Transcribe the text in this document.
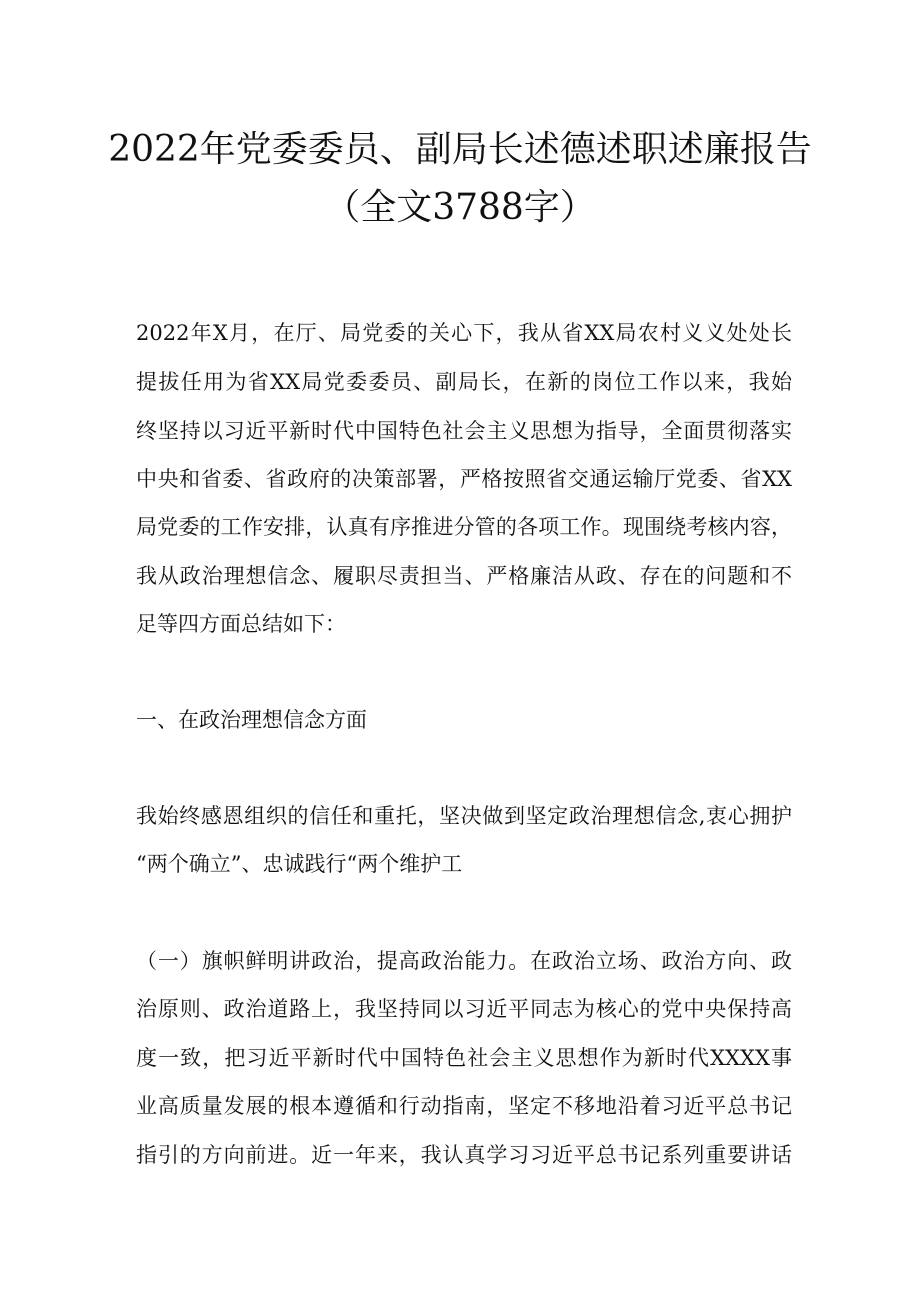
2022年党委委员、副局长述德述职述廉报告
（全文3788字）
2022年X月，在厅、局党委的关心下，我从省XX局农村义义处处长
提拔任用为省XX局党委委员、副局长，在新的岗位工作以来，我始
终坚持以习近平新时代中国特色社会主义思想为指导，全面贯彻落实
中央和省委、省政府的决策部署，严格按照省交通运输厅党委、省XX
局党委的工作安排，认真有序推进分管的各项工作。现围绕考核内容，
我从政治理想信念、履职尽责担当、严格廉洁从政、存在的问题和不
足等四方面总结如下：
一、在政治理想信念方面
我始终感恩组织的信任和重托，坚决做到坚定政治理想信念,衷心拥护
“两个确立”、忠诚践行“两个维护工
（一）旗帜鲜明讲政治，提高政治能力。在政治立场、政治方向、政
治原则、政治道路上，我坚持同以习近平同志为核心的党中央保持高
度一致，把习近平新时代中国特色社会主义思想作为新时代XXXX事
业高质量发展的根本遵循和行动指南，坚定不移地沿着习近平总书记
指引的方向前进。近一年来，我认真学习习近平总书记系列重要讲话
